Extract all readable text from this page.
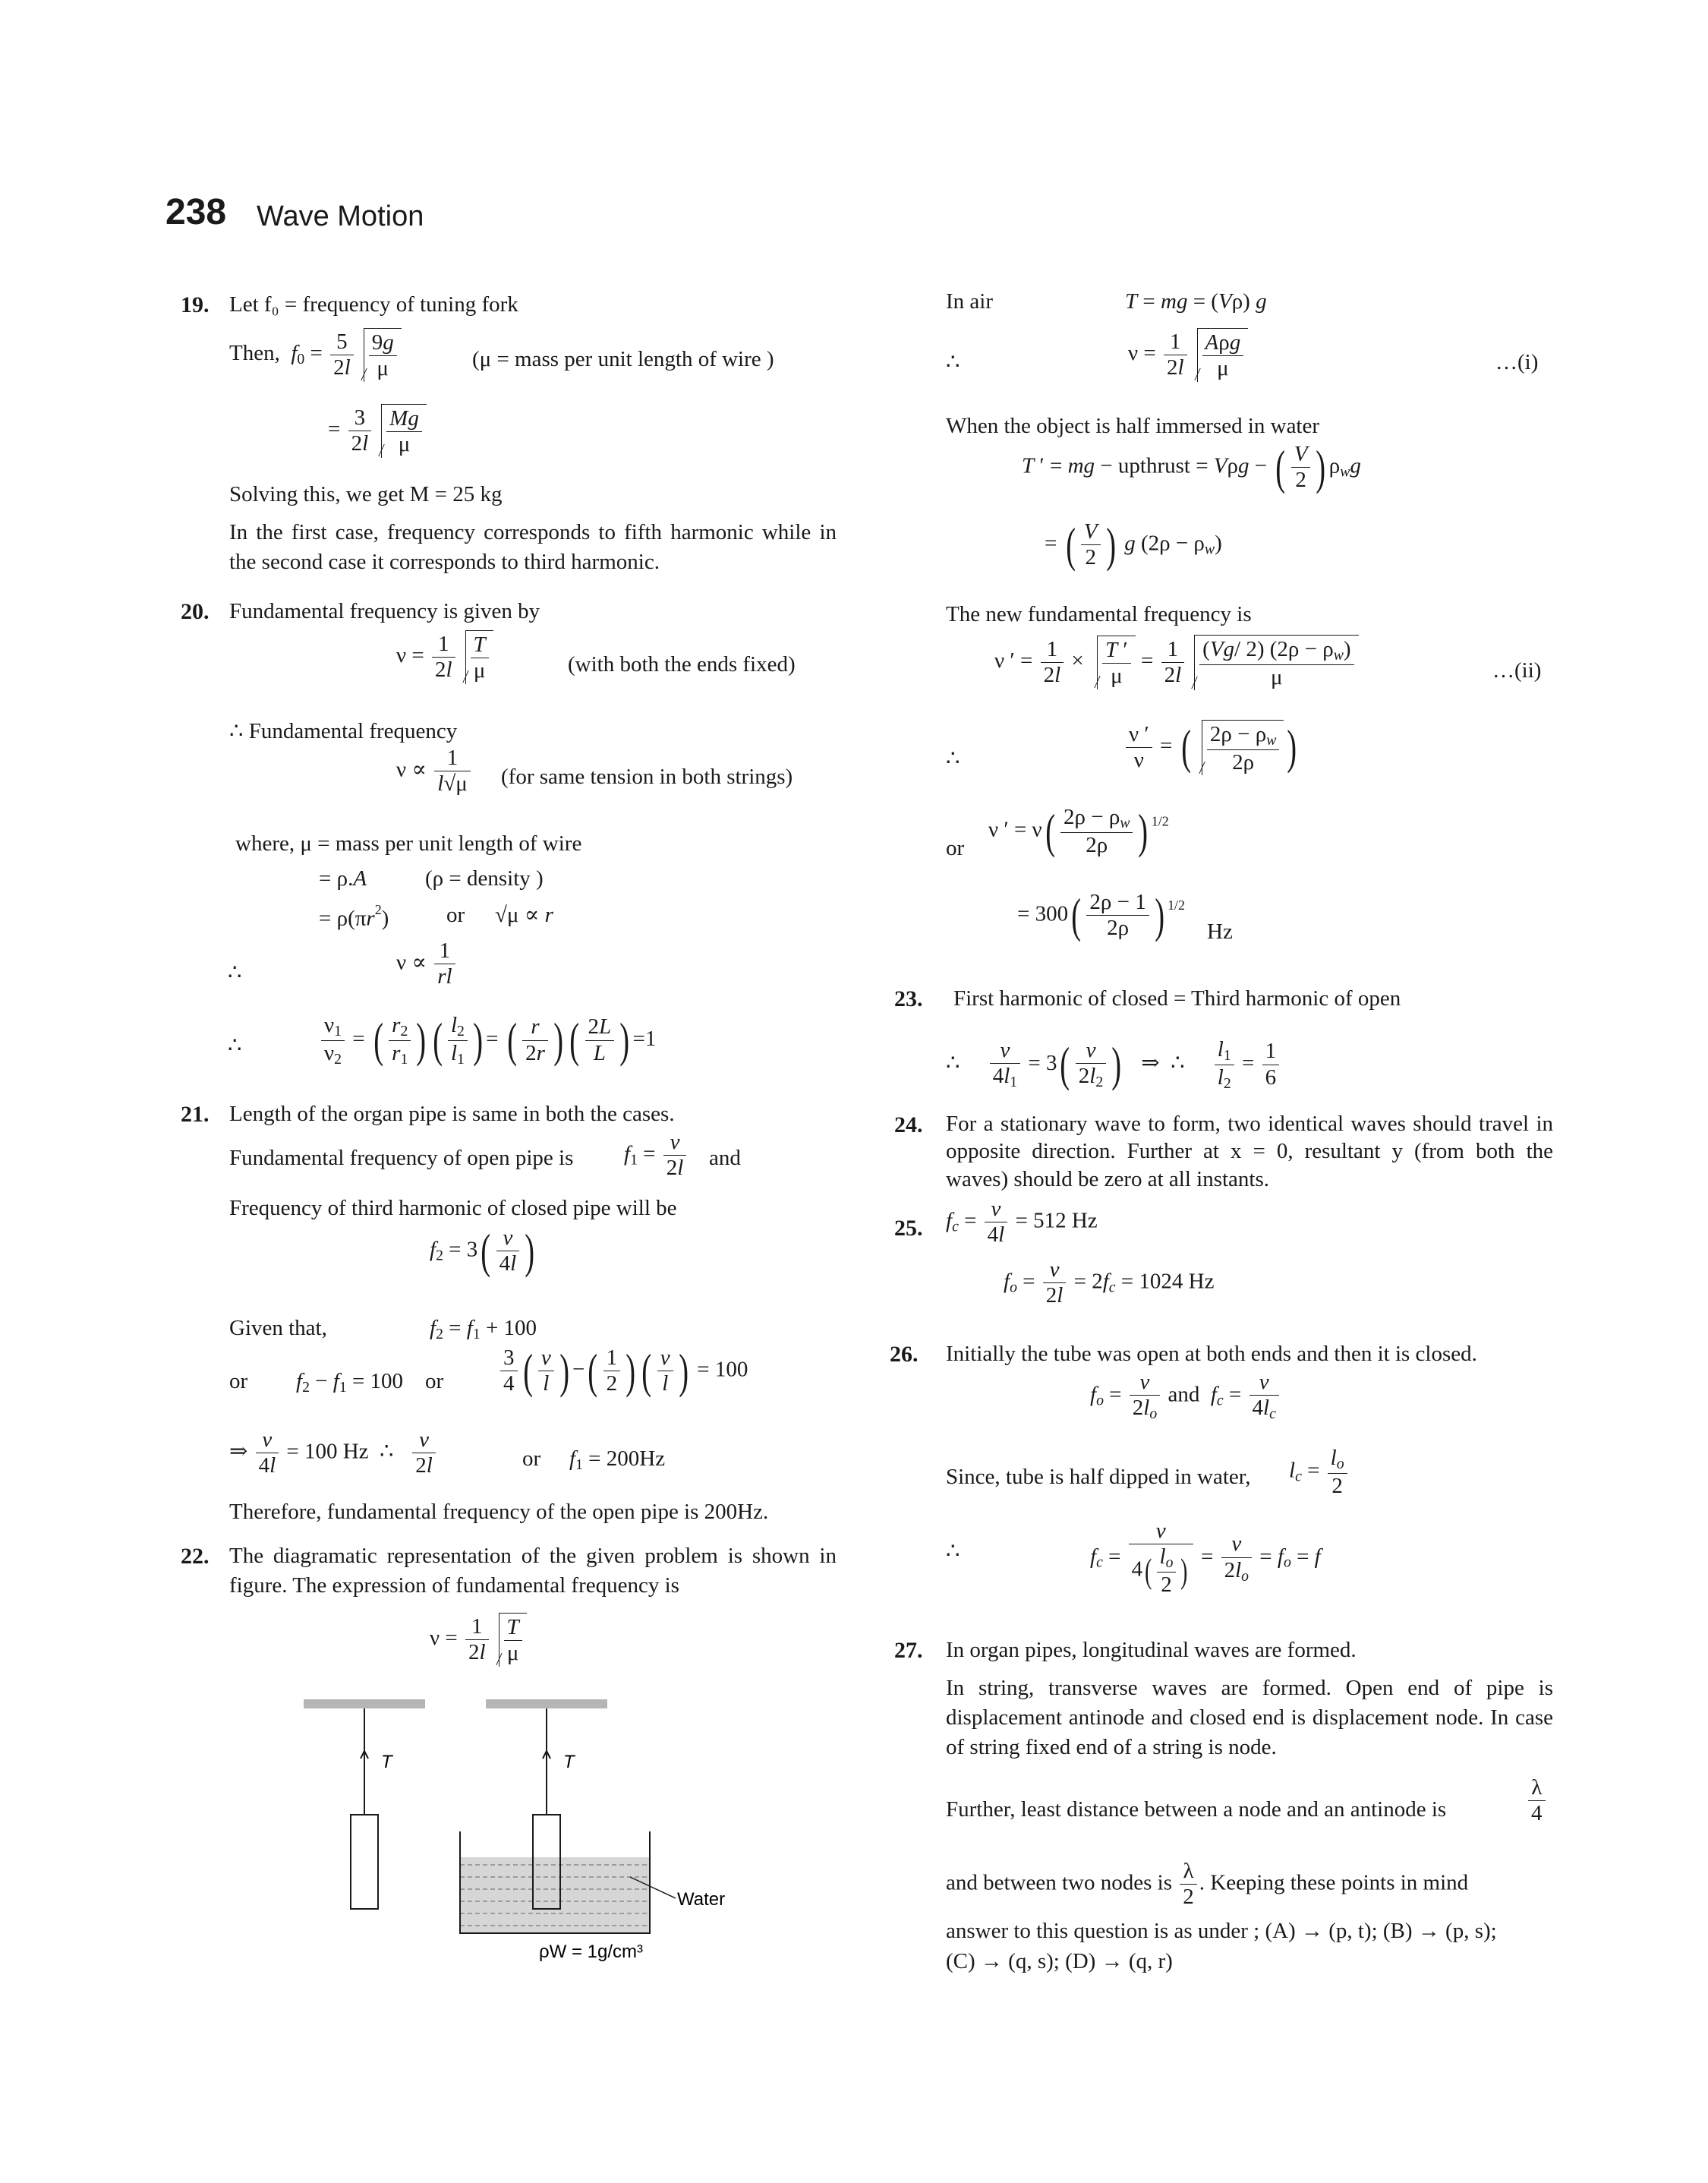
238 Wave Motion
19. Let f₀ = frequency of tuning fork
Then, $f_0 = \frac{5}{2l} \frac{9g}{\mu}$	(μ = mass per unit length of wire )
= $\frac{3}{2l} \frac{Mg}{\mu}$
Solving this, we get M = 25 kg
In the first case, frequency corresponds to fifth harmonic while in the second case it corresponds to third harmonic.
20. Fundamental frequency is given by
$\nu = \frac{1}{2l} \frac{T}{\mu}$	(with both the ends fixed)
∴ Fundamental frequency
$\nu \propto \frac{1}{l√\mu} (for$ same tension in both strings)
where, μ = mass per unit length of wire
= ρ.A	(ρ = density )
= $\rho(\pi r^2)$	or √μ ∝ r
∴	$\nu \propto \frac{1}{rl}$
∴	$\frac{\nu_1}{\nu_2}$ = ( $\frac{r_2}{r_1}$ ) ( $\frac{l_2}{l_1}$ ) = ( $\frac{r}{2r}$ ) ( $\frac{2L}{L}$ ) =1
21. Length of the organ pipe is same in both the cases.
Fundamental frequency of open pipe is $f_1 = \frac{v}{2l}$ and
Frequency of third harmonic of closed pipe will be
$f_2 = 3( \frac{v}{4l}$ )
Given that,	$f_2 = f_1 + 100$
or $f_2 - f_1 = 100$    or	$\frac{3}{4}$ ( $\frac{v}{l}$ ) −( $\frac{1}{2}$ ) ( $\frac{v}{l}$ ) = 100
⇒ $\frac{v}{4l} = 100$ Hz  ∴ $\frac{v}{2l}$	or $f_1 = 200Hz$
Therefore, fundamental frequency of the open pipe is 200Hz.
22. The diagramatic representation of the given problem is shown in figure. The expression of fundamental frequency is
$\nu = \frac{1}{2l} \frac{T}{\mu}$
T	T
Water
ρW = 1g/cm³
In air	T = mg = (Vρ) g
∴	$\nu = \frac{1}{2l}$ Aρg
μ	…(i)
When the object is half immersed in water
T ′ = mg − upthrust = Vρg − ( $\frac{V}{2}$ ) $\rho_wg$
= ( $\frac{V}{2}$ ) g $(2\rho - \rho_w)$
The new fundamental frequency is
ν ′ = $\frac{1}{2l} \times \frac{T '}{\mu} = \frac{1}{2l} \frac{(Vg/ 2) (2\rho - \rho_w)}{\mu}$	…(ii)
∴	$\frac{\nu '}{\nu}$ = ( $\frac{2\rho - \rho_w}{2\rho}$ )
or
ν ′ = $\nu( \frac{2\rho - \rho_w}{2\rho}$ ) $^{1/2}$
= $300( \frac{2\rho - 1}{2\rho}$ ) $^{1/2}$
Hz
23. First harmonic of closed = Third harmonic of open
∴ $\frac{v}{4l_1} = 3( \frac{v}{2l_2}$ )   ⇒  ∴ $\frac{l_1}{l_2} = \frac{1}{6}$
24. For a stationary wave to form, two identical waves should travel in opposite direction. Further at x = 0, resultant y (from both the waves) should be zero at all instants.
25. $f_c = \frac{v}{4l} = 512$ Hz
$f_o = \frac{v}{2l} = 2f_c = 1024$ Hz
26. Initially the tube was open at both ends and then it is closed.
$f_o = \frac{v}{2l_o}$ and $f_c = \frac{v}{4l_c}$
Since, tube is half dipped in water, $l_c = \frac{l_o}{2}$
∴	$f_c = \frac{v}{4( \frac{l_o}{2} )} = \frac{v}{2l_o} = f_o = f$
27. In organ pipes, longitudinal waves are formed.
In string, transverse waves are formed. Open end of pipe is displacement antinode and closed end is displacement node. In case of string fixed end of a string is node.
Further, least distance between a node and an antinode is	$\frac{\lambda}{4}$
and between two nodes is $\frac{\lambda}{2}$ . Keeping these points in mind
answer to this question is as under ; (A) → (p, t); (B) → (p, s);
(C) → (q, s); (D) → (q, r)
